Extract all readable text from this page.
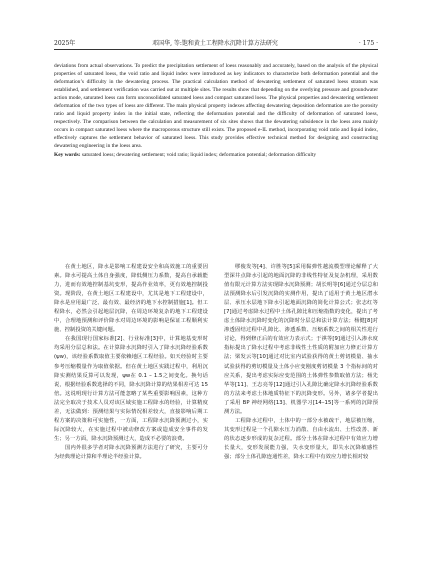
2025年	邓国华, 等:饱和黄土工程降水沉降计算方法研究	· 175 ·

deviations from actual observations. To predict the precipitation settlement of loess reasonably and accurately, based on the analysis of the physical properties of saturated loess, the void ratio and liquid index were introduced as key indicators to characterize both deformation potential and the deformation’s difficulty in the dewatering process. The practical calculation method of dewatering settlement of saturated loess stratum was established, and settlement verification was carried out at multiple sites. The results show that depending on the overlying pressure and groundwater action mode, saturated loess can form unconsolidated saturated loess and compact saturated loess. The physical properties and dewatering settlement deformation of the two types of loess are different. The main physical property indexes affecting dewatering deposition deformation are the porosity ratio and liquid property index in the initial state, reflecting the deformation potential and the difficulty of deformation of saturated loess, respectively. The comparison between the calculation and measurement of six sites shows that the dewatering subsidence in the loess area mainly occurs in compact saturated loess where the macroporous structure still exists. The proposed e-IL method, incorporating void ratio and liquid index, effectively captures the settlement behavior of saturated loess. This study provides effective technical method for designing and constructing dewatering engineering in the loess area.

Key words: saturated loess; dewatering settlement; void ratio; liquid index; deformation potential; deformation difficulty

在黄土地区，降水是影响工程建设安全和高效施工的重要因素。降水可提高土体自身强度，降低侧压力系数，提高自承载能力，进而有效地控制基坑变形，提高作业效率，更有效地控制投资。现阶段，在黄土地区工程建设中，尤其是地下工程建设中，降水是应用最广泛、最有效、最经济的地下水控制措施[1]。但工程降水，必然会引起地层沉降，在周边环境复杂的地下工程建设中，合理地预测和评价降水对周边环境的影响是保证工程顺利实施、控制投资的关键问题。

在我国现行国家标准[2]、行业标准[3]中，计算地基变形时均采用分层总和法。在计算降水沉降时引入了降水沉降经验系数(ψw)，该经验系数取值主要依赖地区工程经验。如天经验时主要参考压缩模量作为取值依据。但在黄土地区实践过程中，利用沉降实测结果反算可以发现，ψw在 0.1 – 1.5之间变化。换句话说，根据经验系数选择的不同，降水沉降计算的结果相差可达 15 倍。这说明现行计算方法可能忽略了某些重要影响因素，这种方法完全取决于技术人员对该区域实施工程降水的经验，计算精度差，无法做到：预测结果与实际情况相差较大，直接影响后期工程方案的决策和可实施性，一方面，工程降水沉降预测过小，实际沉降较大，在实施过程中被动修改方案或造成安全事件的发生；另一方面，降水沉降预测过大，造成不必要的浪费。

国内外很多学者对降水沉降预测方法进行了研究，主要可分为经典理论计算和半理论半经验计算。

缪俊发等[4]、许胜等[5]采用黏弹性越流模型理论解释了大型深井点降水引起的地面沉降的非线性特征及复杂机理，采用数值有限元计算方法实现降水沉降预测；胡长明等[6]通过分层总和法预测降水后引发沉降的实测作用，提出了适用于黄土地区潜水层、承压水层地下降水引起地面沉降的简化计算公式；张志红等[7]通过考虑降水过程中土体孔隙比和压缩指数的变化，提出了考虑土体降水沉降时变化的沉降时分层总和法计算方法；杨健[8]对渗透固结过程中孔隙比、渗透系数、压缩系数之间的相关性进行讨论，得到修正后的有效应力表示式；于祺等[9]通过引入渗水度指标提出了降水过程中考虑非线性土性质的附加应力修正计算方法；梁发云等[10]通过对比室内试验获得的黄土剪切模量、抽水试验获得的剪切模量及土体小应变刚度剪切模量 3 个指标间的对应关系，提出考虑实际应变范围的土体弹性参数取值方法；杨先华等[11]、王志亮等[12]通过引入孔隙比确定降水沉降经验系数的方法来考虑土体地质特征下的沉降变形。另外，诸多学者提出了采用 BP 神经网络[13]、机器学习[14–15]等一系列的沉降预测方法。

工程降水过程中，土体中的一部分水被疏干，地层被压缩，其变形过程是一个孔隙水压力消散、自由水流出、土性改善、新的状态逐步形成的复杂过程。部分土体在降水过程中有效应力增长量大，变形发展能力强，失水变形量大，即失水沉降敏感性强；部分土体孔隙连通性差，降水工程中有效应力增长相对较
